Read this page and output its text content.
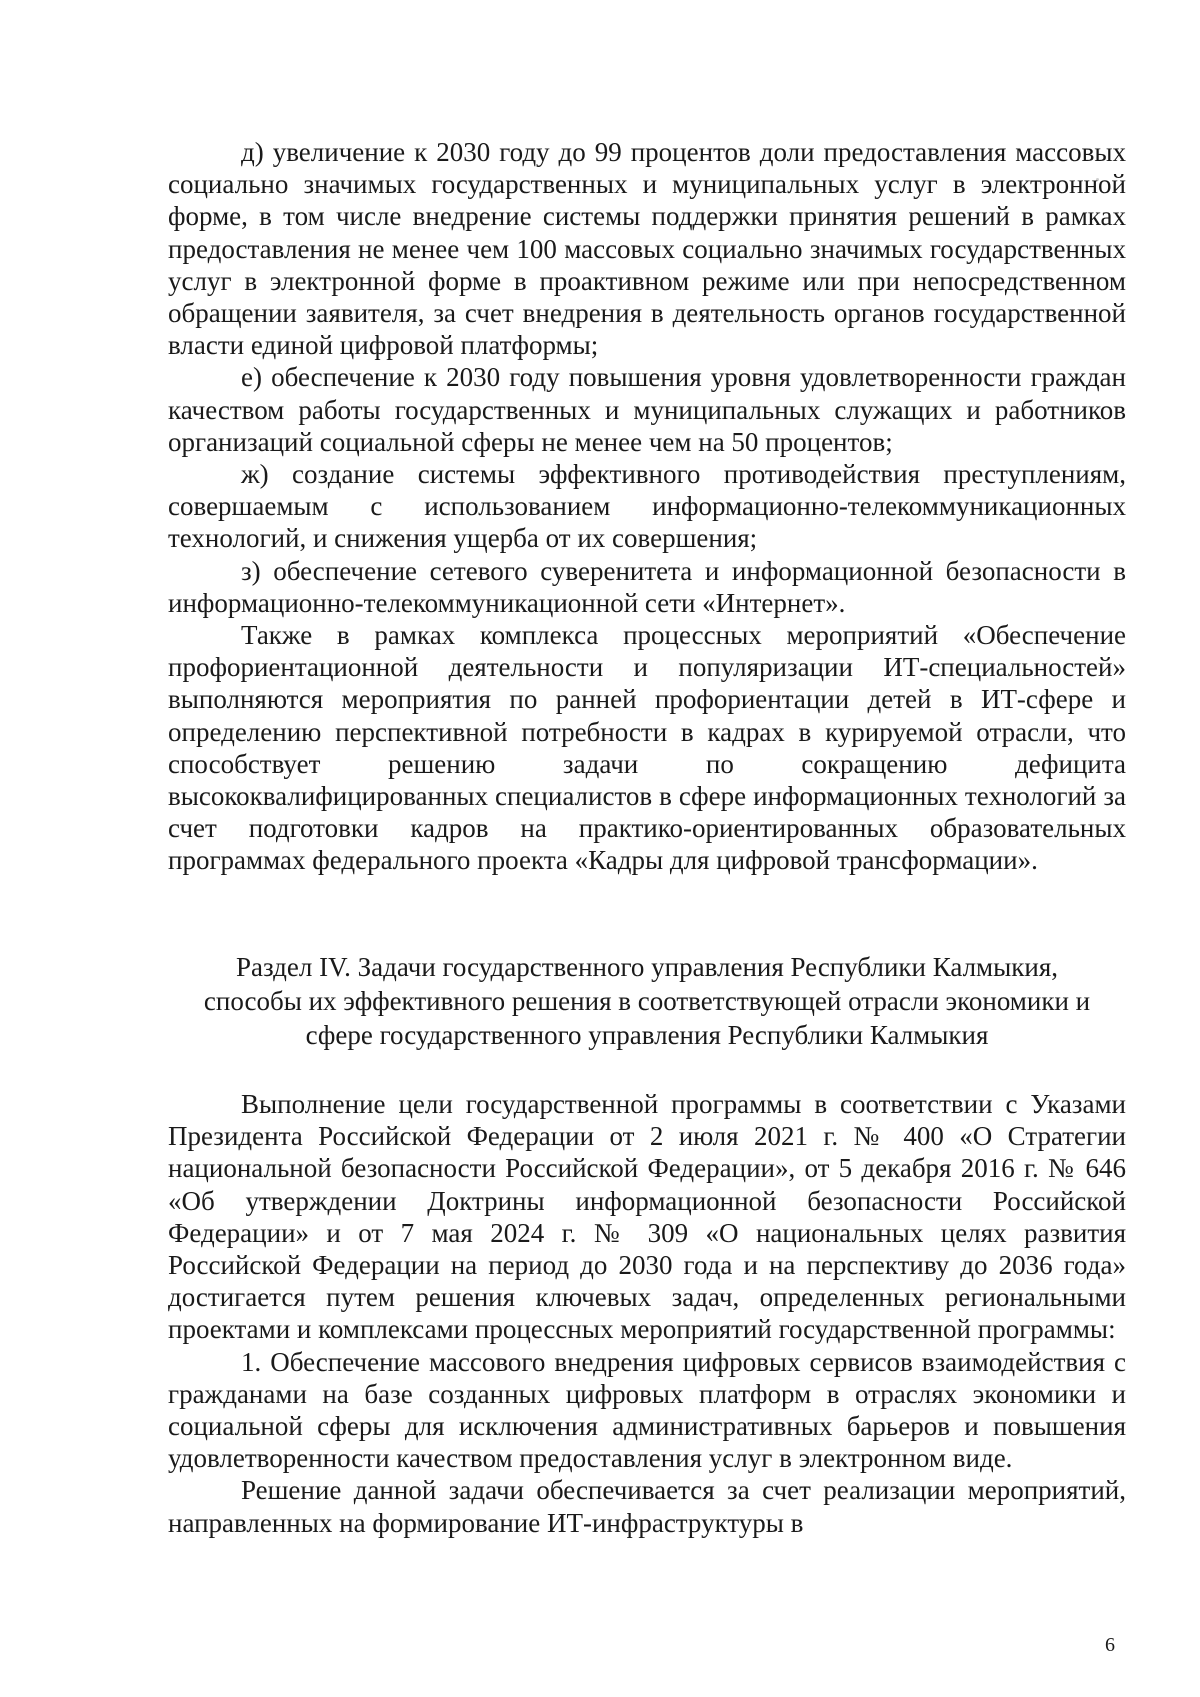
д) увеличение к 2030 году до 99 процентов доли предоставления массовых социально значимых государственных и муниципальных услуг в электронной форме, в том числе внедрение системы поддержки принятия решений в рамках предоставления не менее чем 100 массовых социально значимых государственных услуг в электронной форме в проактивном режиме или при непосредственном обращении заявителя, за счет внедрения в деятельность органов государственной власти единой цифровой платформы;

е) обеспечение к 2030 году повышения уровня удовлетворенности граждан качеством работы государственных и муниципальных служащих и работников организаций социальной сферы не менее чем на 50 процентов;

ж) создание системы эффективного противодействия преступлениям, совершаемым с использованием информационно-телекоммуникационных технологий, и снижения ущерба от их совершения;

з) обеспечение сетевого суверенитета и информационной безопасности в информационно-телекоммуникационной сети «Интернет».

Также в рамках комплекса процессных мероприятий «Обеспечение профориентационной деятельности и популяризации ИТ-специальностей» выполняются мероприятия по ранней профориентации детей в ИТ-сфере и определению перспективной потребности в кадрах в курируемой отрасли, что способствует решению задачи по сокращению дефицита высококвалифицированных специалистов в сфере информационных технологий за счет подготовки кадров на практико-ориентированных образовательных программах федерального проекта «Кадры для цифровой трансформации».

Раздел IV. Задачи государственного управления Республики Калмыкия,
способы их эффективного решения в соответствующей отрасли экономики и
сфере государственного управления Республики Калмыкия

Выполнение цели государственной программы в соответствии с Указами Президента Российской Федерации от 2 июля 2021 г. № 400 «О Стратегии национальной безопасности Российской Федерации», от 5 декабря 2016 г. № 646 «Об утверждении Доктрины информационной безопасности Российской Федерации» и от 7 мая 2024 г. № 309 «О национальных целях развития Российской Федерации на период до 2030 года и на перспективу до 2036 года» достигается путем решения ключевых задач, определенных региональными проектами и комплексами процессных мероприятий государственной программы:

1. Обеспечение массового внедрения цифровых сервисов взаимодействия с гражданами на базе созданных цифровых платформ в отраслях экономики и социальной сферы для исключения административных барьеров и повышения удовлетворенности качеством предоставления услуг в электронном виде.

Решение данной задачи обеспечивается за счет реализации мероприятий, направленных на формирование ИТ-инфраструктуры в

6
